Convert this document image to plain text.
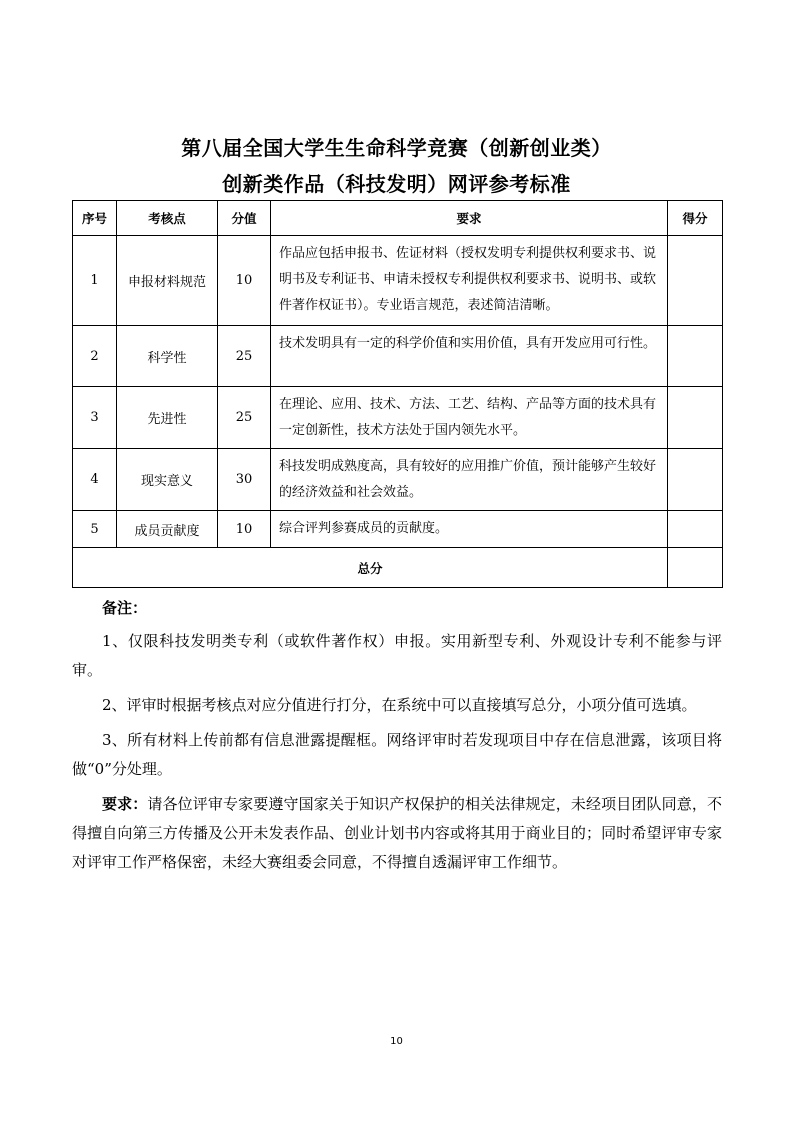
第八届全国大学生生命科学竞赛（创新创业类）
创新类作品（科技发明）网评参考标准
序号	考核点	分值	要求	得分
1	申报材料规范	10	作品应包括申报书、佐证材料（授权发明专利提供权利要求书、说明书及专利证书、申请未授权专利提供权利要求书、说明书、或软件著作权证书）。专业语言规范，表述简洁清晰。	
2	科学性	25	技术发明具有一定的科学价值和实用价值，具有开发应用可行性。	
3	先进性	25	在理论、应用、技术、方法、工艺、结构、产品等方面的技术具有一定创新性，技术方法处于国内领先水平。	
4	现实意义	30	科技发明成熟度高，具有较好的应用推广价值，预计能够产生较好的经济效益和社会效益。	
5	成员贡献度	10	综合评判参赛成员的贡献度。	
总分				

备注：

1、仅限科技发明类专利（或软件著作权）申报。实用新型专利、外观设计专利不能参与评审。

2、评审时根据考核点对应分值进行打分，在系统中可以直接填写总分，小项分值可选填。

3、所有材料上传前都有信息泄露提醒框。网络评审时若发现项目中存在信息泄露，该项目将做“0”分处理。

要求：请各位评审专家要遵守国家关于知识产权保护的相关法律规定，未经项目团队同意，不得擅自向第三方传播及公开未发表作品、创业计划书内容或将其用于商业目的；同时希望评审专家对评审工作严格保密，未经大赛组委会同意，不得擅自透漏评审工作细节。

10
